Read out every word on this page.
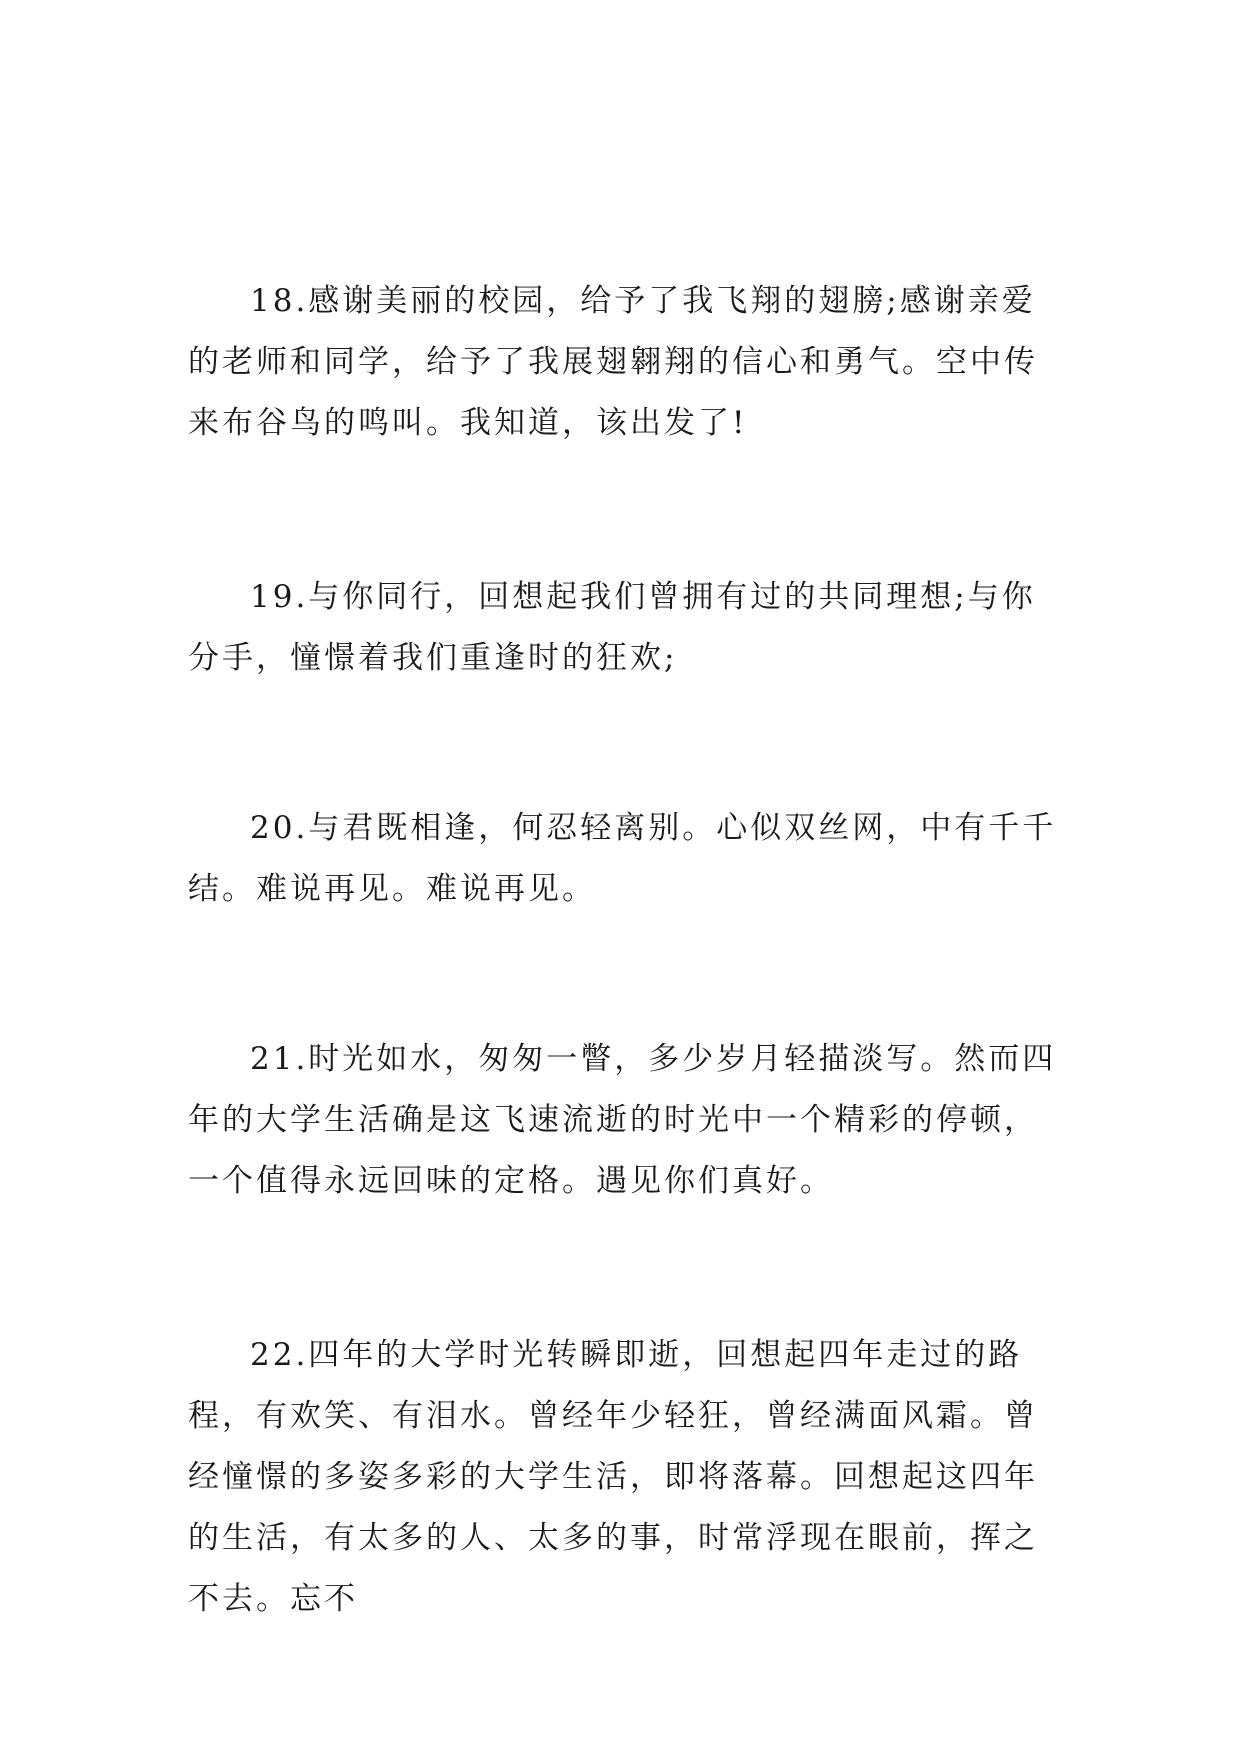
18.感谢美丽的校园，给予了我飞翔的翅膀;感谢亲爱的老师和同学，给予了我展翅翱翔的信心和勇气。空中传来布谷鸟的鸣叫。我知道，该出发了!

19.与你同行，回想起我们曾拥有过的共同理想;与你分手，憧憬着我们重逢时的狂欢;

20.与君既相逢，何忍轻离别。心似双丝网，中有千千结。难说再见。难说再见。

21.时光如水，匆匆一瞥，多少岁月轻描淡写。然而四年的大学生活确是这飞速流逝的时光中一个精彩的停顿，一个值得永远回味的定格。遇见你们真好。

22.四年的大学时光转瞬即逝，回想起四年走过的路程，有欢笑、有泪水。曾经年少轻狂，曾经满面风霜。曾经憧憬的多姿多彩的大学生活，即将落幕。回想起这四年的生活，有太多的人、太多的事，时常浮现在眼前，挥之不去。忘不
